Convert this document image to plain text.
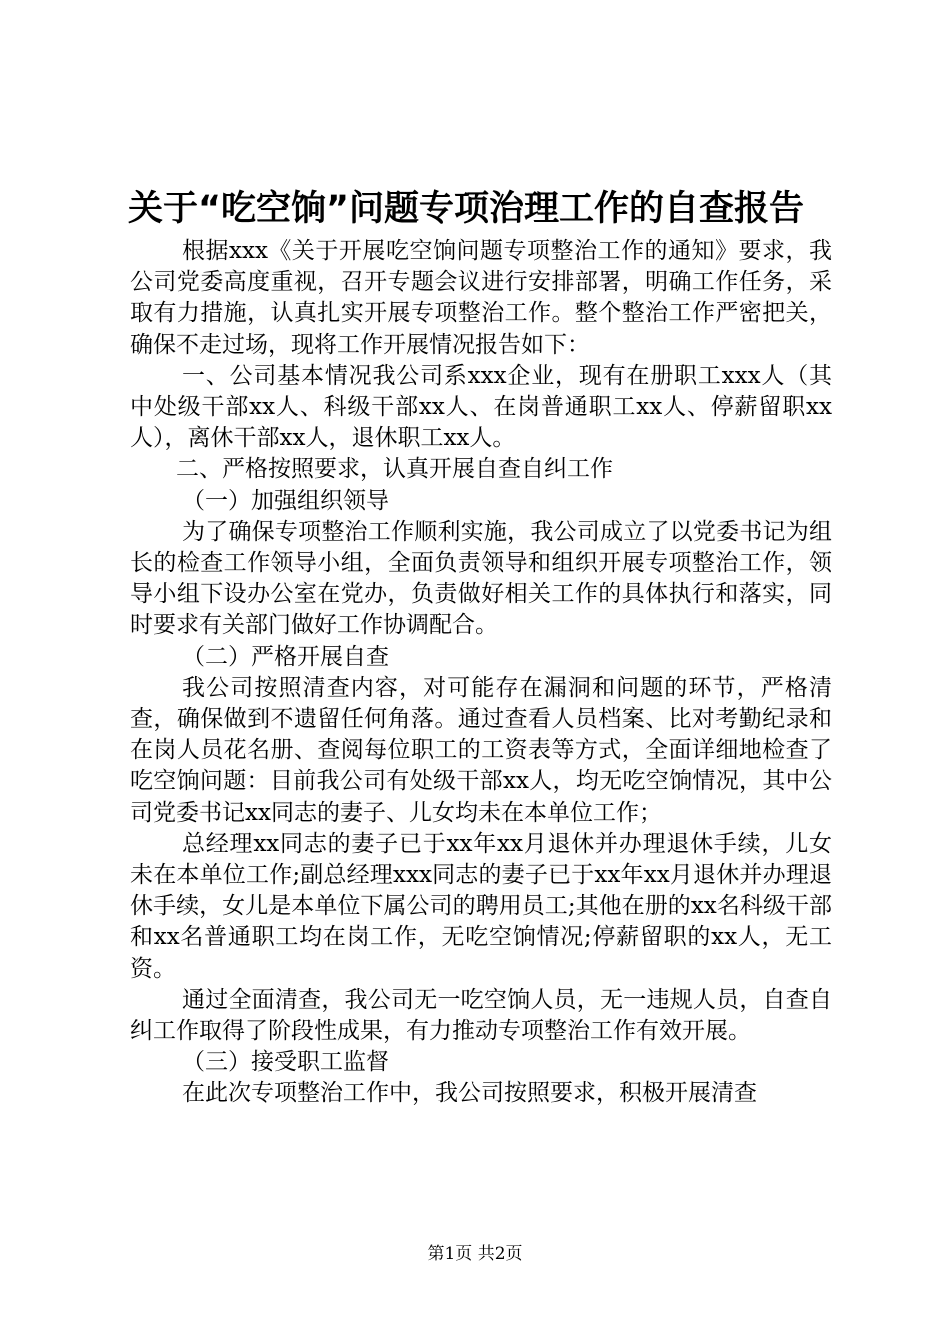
关于“吃空饷”问题专项治理工作的自查报告

根据xxx《关于开展吃空饷问题专项整治工作的通知》要求，我公司党委高度重视，召开专题会议进行安排部署，明确工作任务，采取有力措施，认真扎实开展专项整治工作。整个整治工作严密把关，确保不走过场，现将工作开展情况报告如下：

一、公司基本情况我公司系xxx企业，现有在册职工xxx人（其中处级干部xx人、科级干部xx人、在岗普通职工xx人、停薪留职xx人），离休干部xx人，退休职工xx人。

二、严格按照要求，认真开展自查自纠工作

（一）加强组织领导

为了确保专项整治工作顺利实施，我公司成立了以党委书记为组长的检查工作领导小组，全面负责领导和组织开展专项整治工作，领导小组下设办公室在党办，负责做好相关工作的具体执行和落实，同时要求有关部门做好工作协调配合。

（二）严格开展自查

我公司按照清查内容，对可能存在漏洞和问题的环节，严格清查，确保做到不遗留任何角落。通过查看人员档案、比对考勤纪录和在岗人员花名册、查阅每位职工的工资表等方式，全面详细地检查了吃空饷问题：目前我公司有处级干部xx人，均无吃空饷情况，其中公司党委书记xx同志的妻子、儿女均未在本单位工作；

总经理xx同志的妻子已于xx年xx月退休并办理退休手续，儿女未在本单位工作;副总经理xxx同志的妻子已于xx年xx月退休并办理退休手续，女儿是本单位下属公司的聘用员工;其他在册的xx名科级干部和xx名普通职工均在岗工作，无吃空饷情况;停薪留职的xx人，无工资。

通过全面清查，我公司无一吃空饷人员，无一违规人员，自查自纠工作取得了阶段性成果，有力推动专项整治工作有效开展。

（三）接受职工监督

在此次专项整治工作中，我公司按照要求，积极开展清查

第1页 共2页
